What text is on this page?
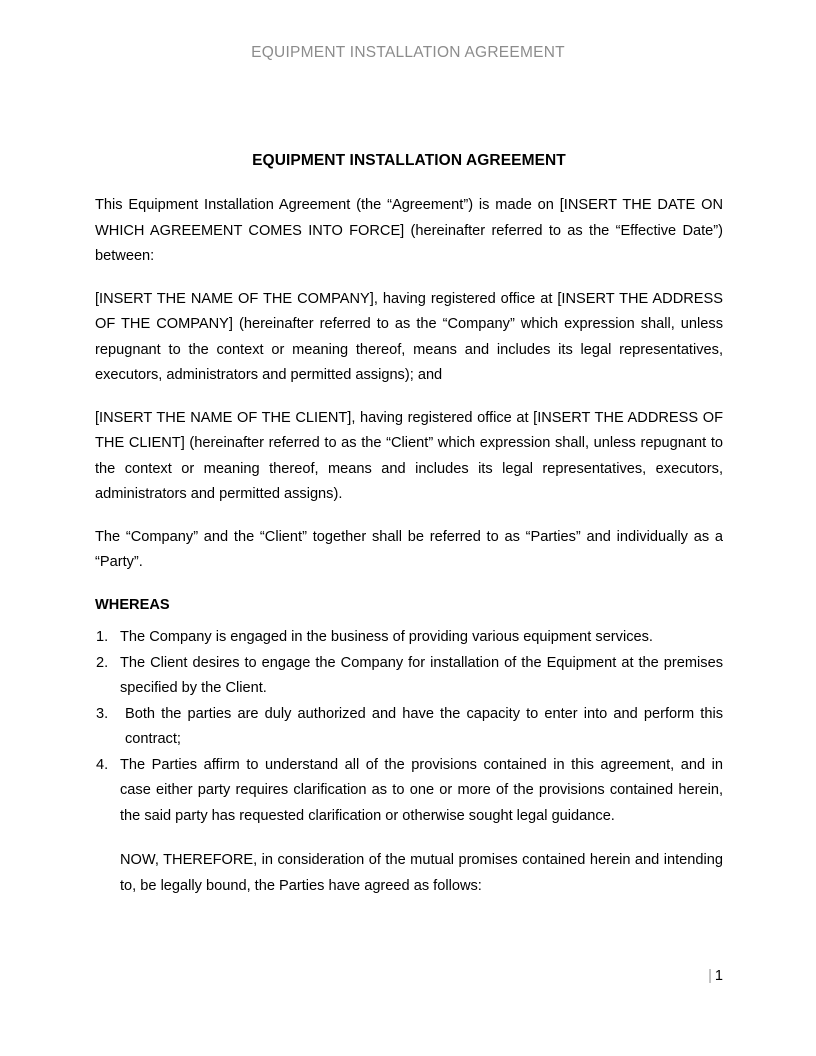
EQUIPMENT INSTALLATION AGREEMENT
EQUIPMENT INSTALLATION AGREEMENT

This Equipment Installation Agreement (the “Agreement”) is made on [INSERT THE DATE ON WHICH AGREEMENT COMES INTO FORCE] (hereinafter referred to as the “Effective Date”) between:

[INSERT THE NAME OF THE COMPANY], having registered office at [INSERT THE ADDRESS OF THE COMPANY] (hereinafter referred to as the “Company” which expression shall, unless repugnant to the context or meaning thereof, means and includes its legal representatives, executors, administrators and permitted assigns); and

[INSERT THE NAME OF THE CLIENT], having registered office at [INSERT THE ADDRESS OF THE CLIENT] (hereinafter referred to as the “Client” which expression shall, unless repugnant to the context or meaning thereof, means and includes its legal representatives, executors, administrators and permitted assigns).

The “Company” and the “Client” together shall be referred to as “Parties” and individually as a “Party”.

WHEREAS
The Company is engaged in the business of providing various equipment services.
The Client desires to engage the Company for installation of the Equipment at the premises specified by the Client.
Both the parties are duly authorized and have the capacity to enter into and perform this contract;
The Parties affirm to understand all of the provisions contained in this agreement, and in case either party requires clarification as to one or more of the provisions contained herein, the said party has requested clarification or otherwise sought legal guidance.

NOW, THEREFORE, in consideration of the mutual promises contained herein and intending to, be legally bound, the Parties have agreed as follows:

| 1
